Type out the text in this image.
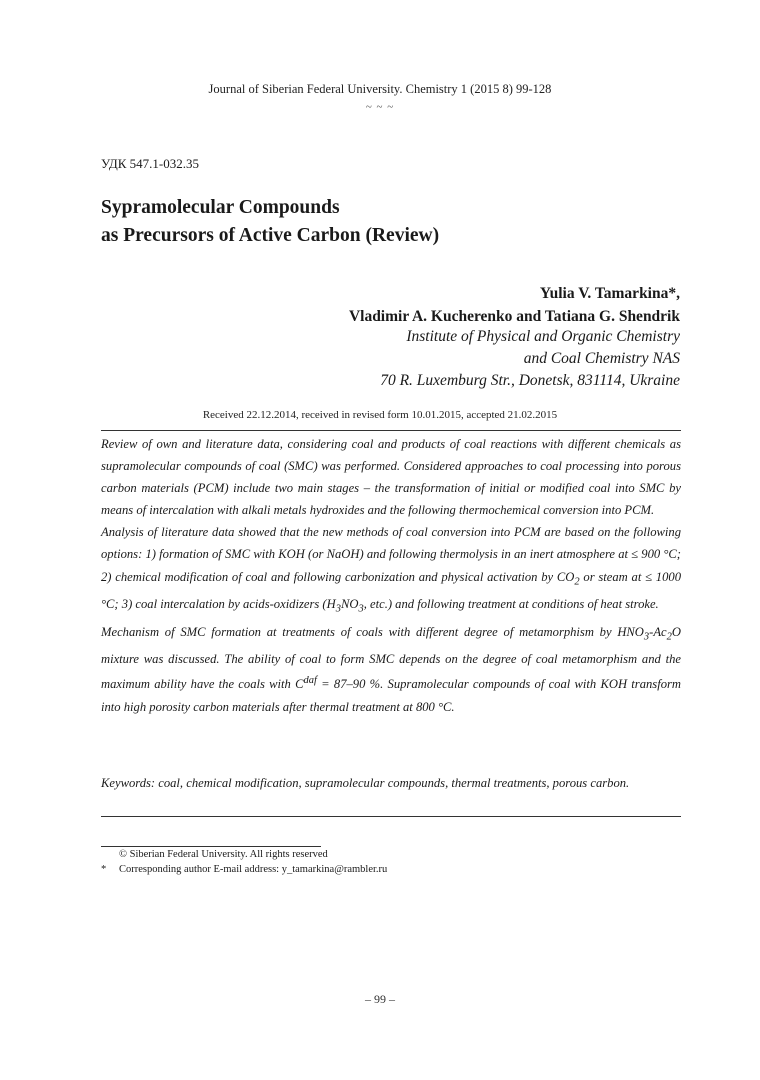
Journal of Siberian Federal University. Chemistry 1 (2015 8) 99-128
~ ~ ~
УДК 547.1-032.35
Sypramolecular Compounds
as Precursors of Active Carbon (Review)
Yulia V. Tamarkina*,
Vladimir A. Kucherenko and Tatiana G. Shendrik
Institute of Physical and Organic Chemistry
and Coal Chemistry NAS
70 R. Luxemburg Str., Donetsk, 831114, Ukraine
Received 22.12.2014, received in revised form 10.01.2015, accepted 21.02.2015

Review of own and literature data, considering coal and products of coal reactions with different chemicals as supramolecular compounds of coal (SMC) was performed. Considered approaches to coal processing into porous carbon materials (PCM) include two main stages – the transformation of initial or modified coal into SMC by means of intercalation with alkali metals hydroxides and the following thermochemical conversion into PCM.

Analysis of literature data showed that the new methods of coal conversion into PCM are based on the following options: 1) formation of SMC with KOH (or NaOH) and following thermolysis in an inert atmosphere at ≤ 900 °C; 2) chemical modification of coal and following carbonization and physical activation by $CO_2$ or steam at ≤ 1000 °C; 3) coal intercalation by acids-oxidizers ($H_3NO_3$, etc.) and following treatment at conditions of heat stroke.

Mechanism of SMC formation at treatments of coals with different degree of metamorphism by $HNO_3-Ac_2O$ mixture was discussed. The ability of coal to form SMC depends on the degree of coal metamorphism and the maximum ability have the coals with $C^{daf} = 87-90$ %. Supramolecular compounds of coal with KOH transform into high porosity carbon materials after thermal treatment at 800 °C.

Keywords: coal, chemical modification, supramolecular compounds, thermal treatments, porous carbon.
© Siberian Federal University. All rights reserved
* Corresponding author E-mail address: y_tamarkina@rambler.ru
– 99 –
